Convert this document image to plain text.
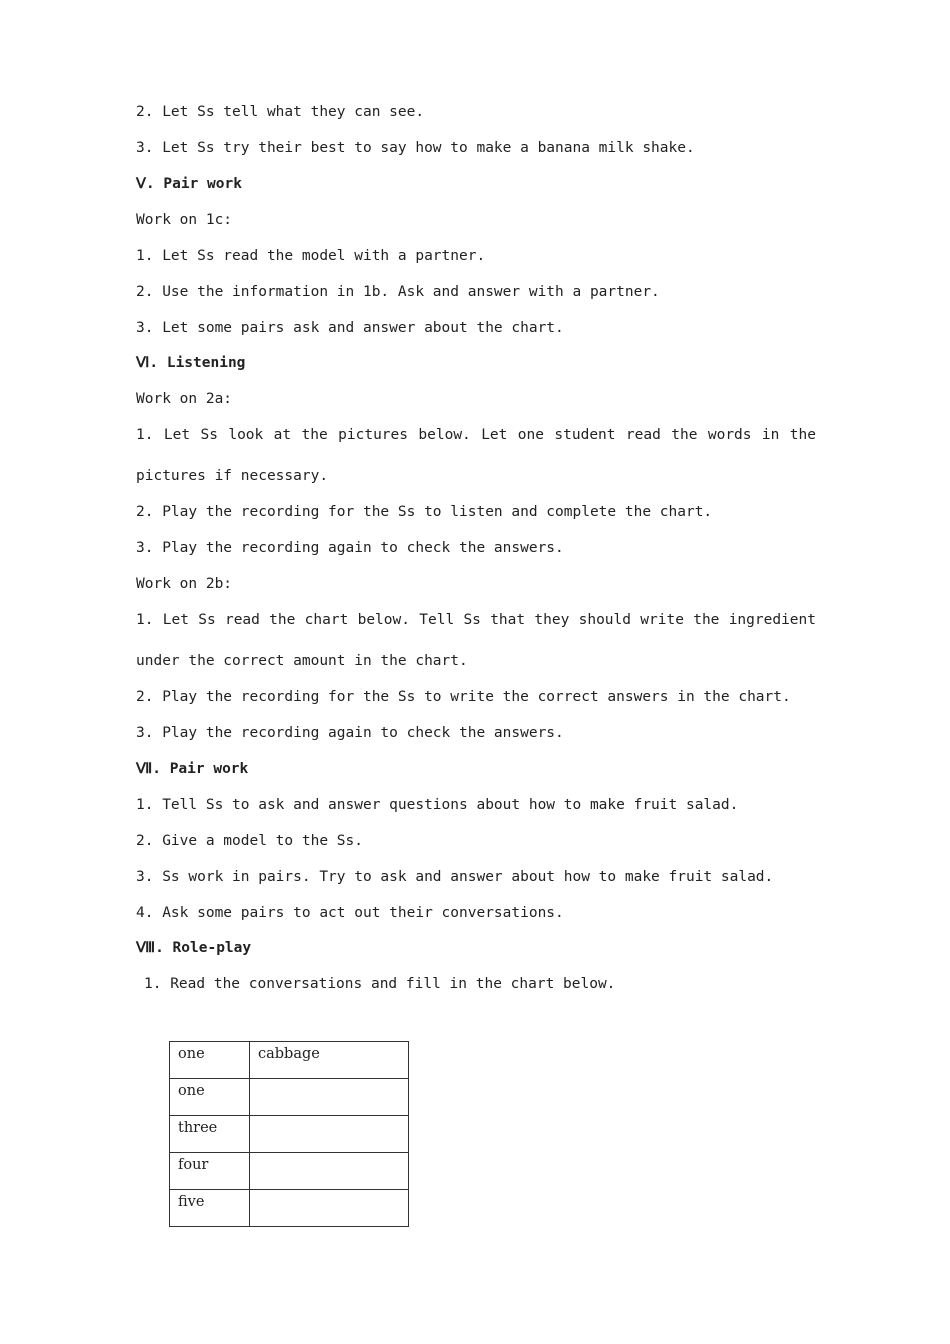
2. Let Ss tell what they can see.
3. Let Ss try their best to say how to make a banana milk shake.
Ⅴ. Pair work
Work on 1c:
1. Let Ss read the model with a partner.
2. Use the information in 1b. Ask and answer with a partner.
3. Let some pairs ask and answer about the chart.
Ⅵ. Listening
Work on 2a:
1. Let Ss look at the pictures below. Let one student read the words in the
pictures if necessary.
2. Play the recording for the Ss to listen and complete the chart.
3. Play the recording again to check the answers.
Work on 2b:
1. Let Ss read the chart below. Tell Ss that they should write the ingredient
under the correct amount in the chart.
2. Play the recording for the Ss to write the correct answers in the chart.
3. Play the recording again to check the answers.
Ⅶ. Pair work
1. Tell Ss to ask and answer questions about how to make fruit salad.
2. Give a model to the Ss.
3. Ss work in pairs. Try to ask and answer about how to make fruit salad.
4. Ask some pairs to act out their conversations.
Ⅷ. Role-play
1. Read the conversations and fill in the chart below.
one	cabbage
one	
three	
four	
five	
